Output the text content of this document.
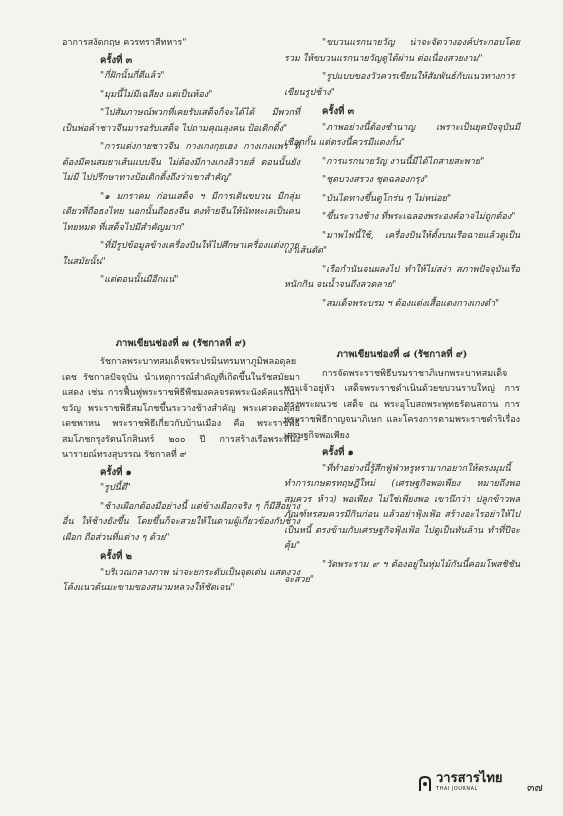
อาการสงัดกฤษ ควรทราสีทหาร"

ครั้งที่ ๓

"กี่ฝักนั้นกี่ตีแล้ว"

"มุมนี้ไม่มีเฉลียง แต่เป็นห้อง"

"ไปสัมภาษณ์พวกที่เคยรับเสด็จก็จะได้ได้ มีพวกที่เป็นพ่อค้าชาวจีนมารอรับเสด็จ ไปถามคุณลุงคน ป้อเติกติ้ง"

"การแต่งกายชาวจีน กางเกงกุยเฮง กางเกงแพร ที่ต้องมีคนสมยาเส้นแบบจีน ไม่ต้องมีกางเกงลิวายส์ ตอนนั้นยังไม่มี ไปปรึกษาทางป้อเติกติ้งถึงว่าเขาสำคัญ"

"๑ มกราคม ก่อนเสด็จ ฯ มีการเดินขบวน มีกลุ่มเดียวที่ถือธงไทย นอกนั้นถือธงจีน ตงท้ายจีนให้นัทหะเลเป็นคนไทยหมด ที่เสด็จไปมีสำคัญมาก"

"ที่มีรูปข้อมูลข้างเครื่องบินให้ไปศึกษาเครื่องแต่งกายในสมัยนั้น"

"แต่ตอนนั้นมีอีกแน่"

ภาพเขียนช่องที่ ๗ (รัชกาลที่ ๙)

รัชกาลพระบาทสมเด็จพระปรมินทรมหาภูมิพลอดุลยเดช รัชกาลปัจจุบัน นำเหตุการณ์สำคัญที่เกิดขึ้นในรัชสมัยมาแสดง เช่น การฟื้นฟูพระราชพิธีพืชมงคลจรดพระนังคัลแรกนาขวัญ พระราชพิธีสมโภชขึ้นระวางช้างสำคัญ พระเศวตอดุลยเดชพาหน พระราชพิธีเกี่ยวกับบ้านเมือง คือ พระราชพิธีสมโภชกรุงรัตนโกสินทร์ ๒๐๐ ปี การสร้างเรือพระที่นั่งนารายณ์ทรงสุบรรณ รัชกาลที่ ๙

ครั้งที่ ๑

"รูปนี้ดี"

"ช้างเผือกต้องมือย่างนี้ แต่ข้างเผือกจริง ๆ ก็มีสีอย่างอื่น ให้ช้างยังขึ้น โดยขึ้นก็จะสวยให้ในตามผู้เกี่ยวข้องกับช้างเผือก ถือส่วนที่แต่าง ๆ ด้วย"

ครั้งที่ ๒

"บริเวณกลางภาพ น่าจะยกระดับเป็นจุดเด่น แสดงวงโค้งแนวต้นมะขามของสนามหลวงให้ชัดเจน"

"ขบวนแรกนายวัญ น่าจะจัดวางองค์ประกอบโดยรวม ให้ขบวนแรกนายวัญดูได้ผ่าน ต่อเนื่องสวยงาม"

"รูปแบบของวัวควรเขียนให้สัมพันธ์กับแนวทางการเขียนรูปช้าง"

ครั้งที่ ๓

"ภาพอย่างนี้ต้องชำนาญ เพราะเป็นยุคปัจจุบันมีเชือกกั้น แต่ตรงนี้ควรมีแดงกั้น"

"การแรกนายวัญ งานนี้มีได้ไถสายสะพาย"

"ชุดบวงสรวง ชุดฉลองกรุง"

"บันไดทางขึ้นดูโกร่น ๆ ไม่หน่อย"

"ขึ้นระวางช้าง ที่พระเฉลองพระองค์อาจไม่ถูกต้อง"

"มาพไฟนี้ใช้, เครื่องบินให้ตั้งบนเรือฉายแล้วดูเป็นเงาเส้นตัด"

"เรือกำนันจนผลงไป ทำให้ไม่สง่า สภาพปัจจุบันเรือหนักกิน จนน้ำจนถึงลวดลาย"

"สมเด็จพระบรม ฯ ต้องแต่งเสื้อแดงกางเกงดำ"

ภาพเขียนช่องที่ ๘ (รัชกาลที่ ๙)

การจัดพระราชพิธีบรมราชาภิเษกพระบาทสมเด็จพระเจ้าอยู่หัว เสด็จพระราชดำเนินด้วยขบวนราบใหญ่ การทรงพระผนวช เสด็จ ณ พระอุโบสถพระพุทธรัตนสถาน การพระราชพิธีกาญจนาภิเษก และโครงการตามพระราชดำริเรื่องเศรษฐกิจพอเพียง

ครั้งที่ ๑

"ที่ทำอย่างนี้รู้สึกฟู่ฟ่าหรูหรามากอยากให้ตรงมุมนี้ทำการเกษตรทฤษฎีใหม่ (เศรษฐกิจพอเพียง หมายถึงพอสมควร ห้าว) พอเพียง ไม่ใช่เพียงพอ เขานึกว่า ปลูกข้าวพลภัณฑ์หรสมควรมีกินก่อน แล้วอย่าฟุ้งเฟ้อ สร้างอะไรอย่าให้ไปเป็นหนี้ ตรงข้ามกับเศรษฐกิจฟุ้งเฟ้อ ไปดูเป็นทันล้าน ทำที่ปีจะคุ้ม"

"วัดพระราม ๙ ฯ ต้องอยู่ในหุ่มไม้กันนี้คอมโพสชิชันจะสวย"

วารสารไทย
THAI JOURNAL	๓๗
